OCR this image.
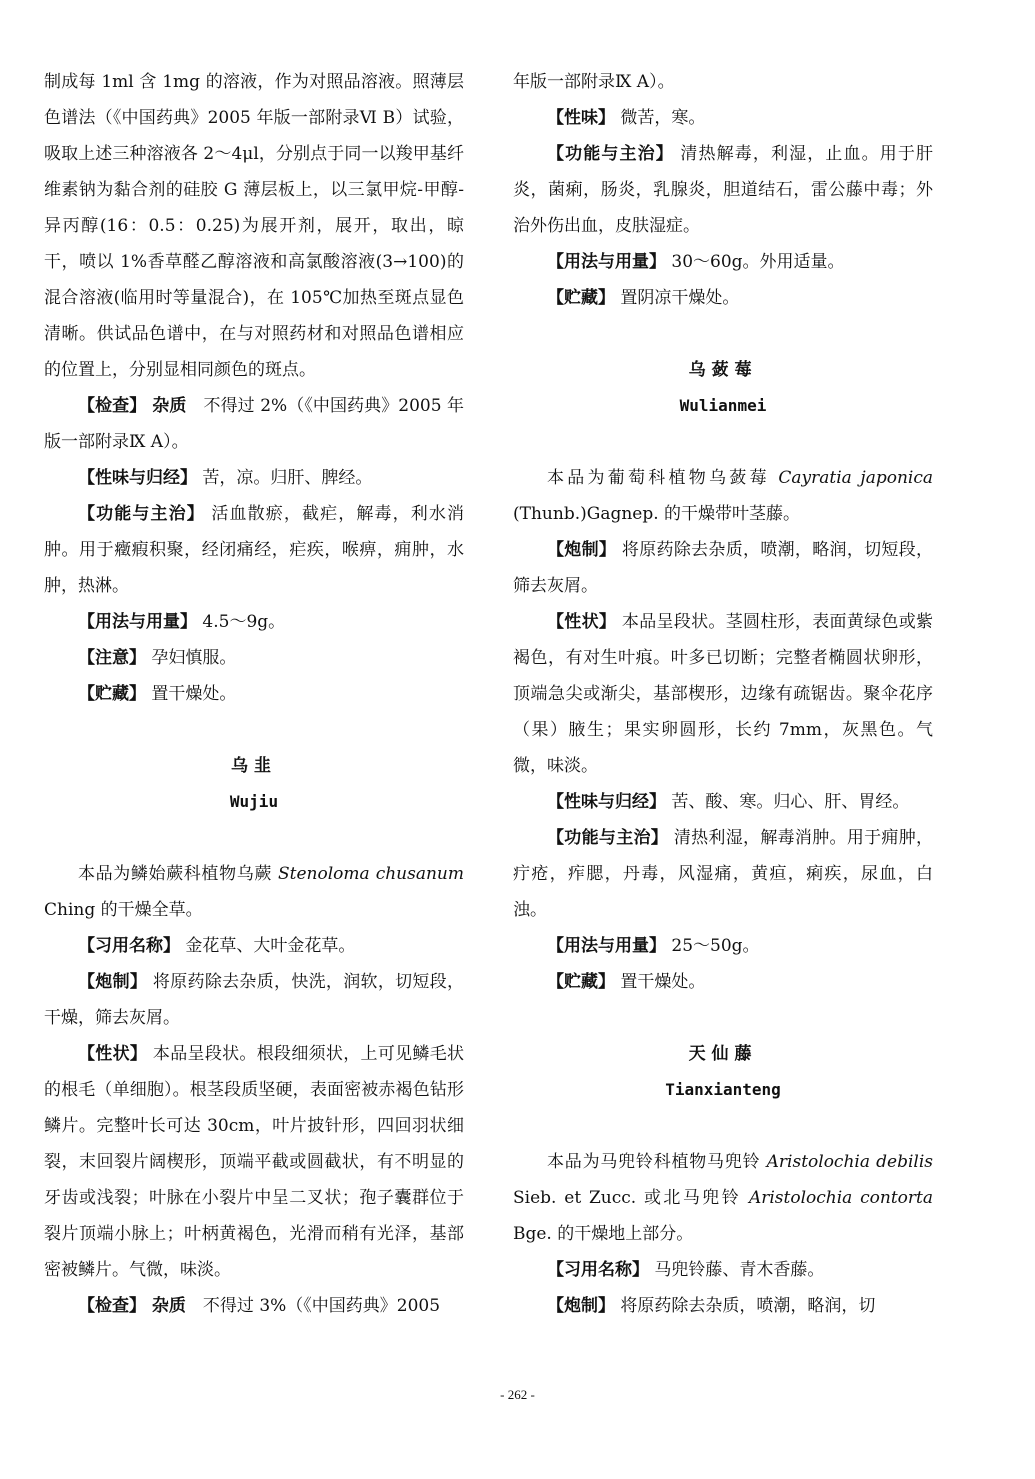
制成每 1ml 含 1mg 的溶液，作为对照品溶液。照薄层色谱法（《中国药典》2005 年版一部附录Ⅵ B）试验，吸取上述三种溶液各 2～4μl，分别点于同一以羧甲基纤维素钠为黏合剂的硅胶 G 薄层板上，以三氯甲烷-甲醇-异丙醇(16：0.5：0.25)为展开剂，展开，取出，晾干，喷以 1%香草醛乙醇溶液和高氯酸溶液(3→100)的混合溶液(临用时等量混合)，在 105℃加热至斑点显色清晰。供试品色谱中，在与对照药材和对照品色谱相应的位置上，分别显相同颜色的斑点。

【检查】 杂质　 不得过 2%（《中国药典》2005 年版一部附录Ⅸ A）。

【性味与归经】 苦，凉。归肝、脾经。

【功能与主治】 活血散瘀，截疟，解毒，利水消肿。用于癥瘕积聚，经闭痛经，疟疾，喉痹，痈肿，水肿，热淋。

【用法与用量】 4.5～9g。

【注意】 孕妇慎服。

【贮藏】 置干燥处。

乌韭

Wujiu

本品为鳞始蕨科植物乌蕨 Stenoloma chusanum Ching 的干燥全草。

【习用名称】 金花草、大叶金花草。

【炮制】 将原药除去杂质，快洗，润软，切短段，干燥，筛去灰屑。

【性状】 本品呈段状。根段细须状，上可见鳞毛状的根毛（单细胞）。根茎段质坚硬，表面密被赤褐色钻形鳞片。完整叶长可达 30cm，叶片披针形，四回羽状细裂，末回裂片阔楔形，顶端平截或圆截状，有不明显的牙齿或浅裂；叶脉在小裂片中呈二叉状；孢子囊群位于裂片顶端小脉上；叶柄黄褐色，光滑而稍有光泽，基部密被鳞片。气微，味淡。

【检查】 杂质　 不得过 3%（《中国药典》2005

年版一部附录Ⅸ A）。

【性味】 微苦，寒。

【功能与主治】 清热解毒，利湿，止血。用于肝炎，菌痢，肠炎，乳腺炎，胆道结石，雷公藤中毒；外治外伤出血，皮肤湿症。

【用法与用量】 30～60g。外用适量。

【贮藏】 置阴凉干燥处。

乌蔹莓

Wulianmei

本品为葡萄科植物乌蔹莓 Cayratia japonica (Thunb.)Gagnep. 的干燥带叶茎藤。

【炮制】 将原药除去杂质，喷潮，略润，切短段，筛去灰屑。

【性状】 本品呈段状。茎圆柱形，表面黄绿色或紫褐色，有对生叶痕。叶多已切断；完整者椭圆状卵形，顶端急尖或渐尖，基部楔形，边缘有疏锯齿。聚伞花序（果）腋生；果实卵圆形，长约 7mm，灰黑色。气微，味淡。

【性味与归经】 苦、酸、寒。归心、肝、胃经。

【功能与主治】 清热利湿，解毒消肿。用于痈肿，疔疮，痄腮，丹毒，风湿痛，黄疸，痢疾，尿血，白浊。

【用法与用量】 25～50g。

【贮藏】 置干燥处。

天仙藤

Tianxianteng

本品为马兜铃科植物马兜铃 Aristolochia debilis Sieb. et Zucc. 或北马兜铃 Aristolochia contorta Bge. 的干燥地上部分。

【习用名称】 马兜铃藤、青木香藤。

【炮制】 将原药除去杂质，喷潮，略润，切

- 262 -
